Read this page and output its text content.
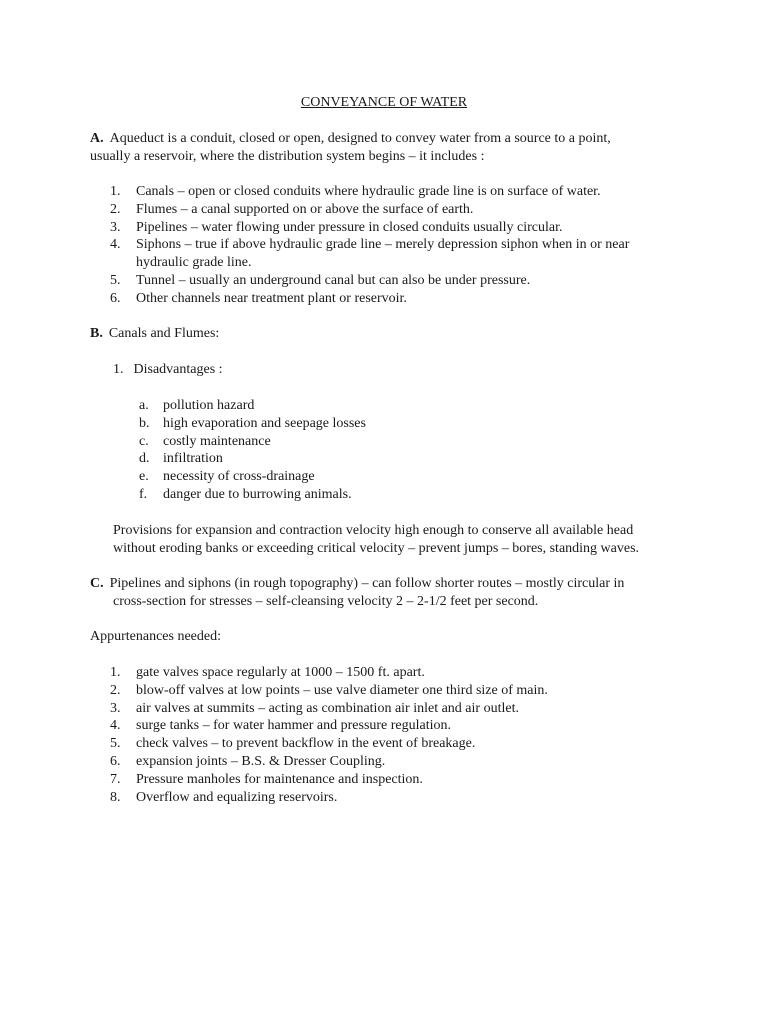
CONVEYANCE OF WATER
A. Aqueduct is a conduit, closed or open, designed to convey water from a source to a point,
usually a reservoir, where the distribution system begins – it includes :
1. Canals – open or closed conduits where hydraulic grade line is on surface of water.
2. Flumes – a canal supported on or above the surface of earth.
3. Pipelines – water flowing under pressure in closed conduits usually circular.
4. Siphons – true if above hydraulic grade line – merely depression siphon when in or near hydraulic grade line.
5. Tunnel – usually an underground canal but can also be under pressure.
6. Other channels near treatment plant or reservoir.
B. Canals and Flumes:
1. Disadvantages :
a. pollution hazard
b. high evaporation and seepage losses
c. costly maintenance
d. infiltration
e. necessity of cross-drainage
f. danger due to burrowing animals.
Provisions for expansion and contraction velocity high enough to conserve all available head
without eroding banks or exceeding critical velocity – prevent jumps – bores, standing waves.
C. Pipelines and siphons (in rough topography) – can follow shorter routes – mostly circular in
cross-section for stresses – self-cleansing velocity 2 – 2-1/2 feet per second.
Appurtenances needed:
1. gate valves space regularly at 1000 – 1500 ft. apart.
2. blow-off valves at low points – use valve diameter one third size of main.
3. air valves at summits – acting as combination air inlet and air outlet.
4. surge tanks – for water hammer and pressure regulation.
5. check valves – to prevent backflow in the event of breakage.
6. expansion joints – B.S. & Dresser Coupling.
7. Pressure manholes for maintenance and inspection.
8. Overflow and equalizing reservoirs.
